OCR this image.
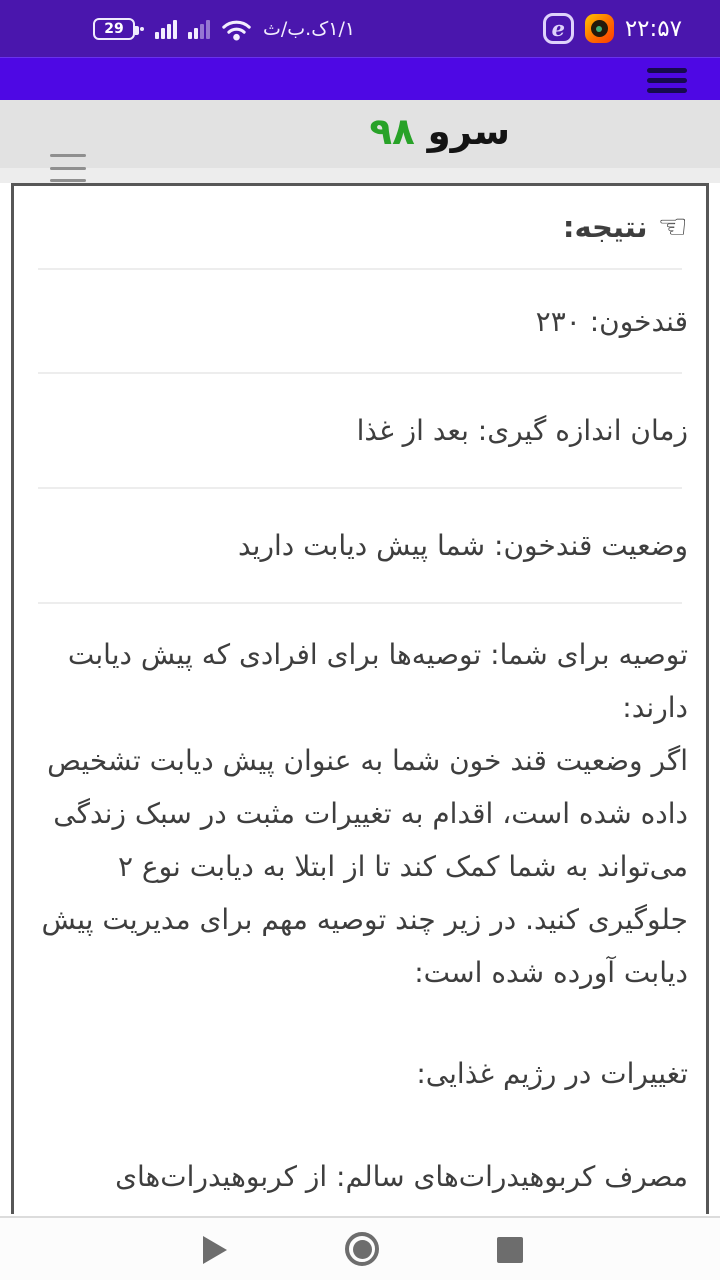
29	۱/۱ک.ب/ث	e	۲۲:۵۷
سرو ۹۸
☜
نتیجه:
قندخون: ۲۳۰
زمان اندازه گیری: بعد از غذا
وضعیت قندخون: شما پیش دیابت دارید
توصیه برای شما: توصیه‌ها برای افرادی که پیش دیابت دارند:
اگر وضعیت قند خون شما به عنوان پیش دیابت تشخیص داده شده است، اقدام به تغییرات مثبت در سبک زندگی می‌تواند به شما کمک کند تا از ابتلا به دیابت نوع ۲ جلوگیری کنید. در زیر چند توصیه مهم برای مدیریت پیش دیابت آورده شده است:
تغییرات در رژیم غذایی:
مصرف کربوهیدرات‌های سالم: از کربوهیدرات‌های
